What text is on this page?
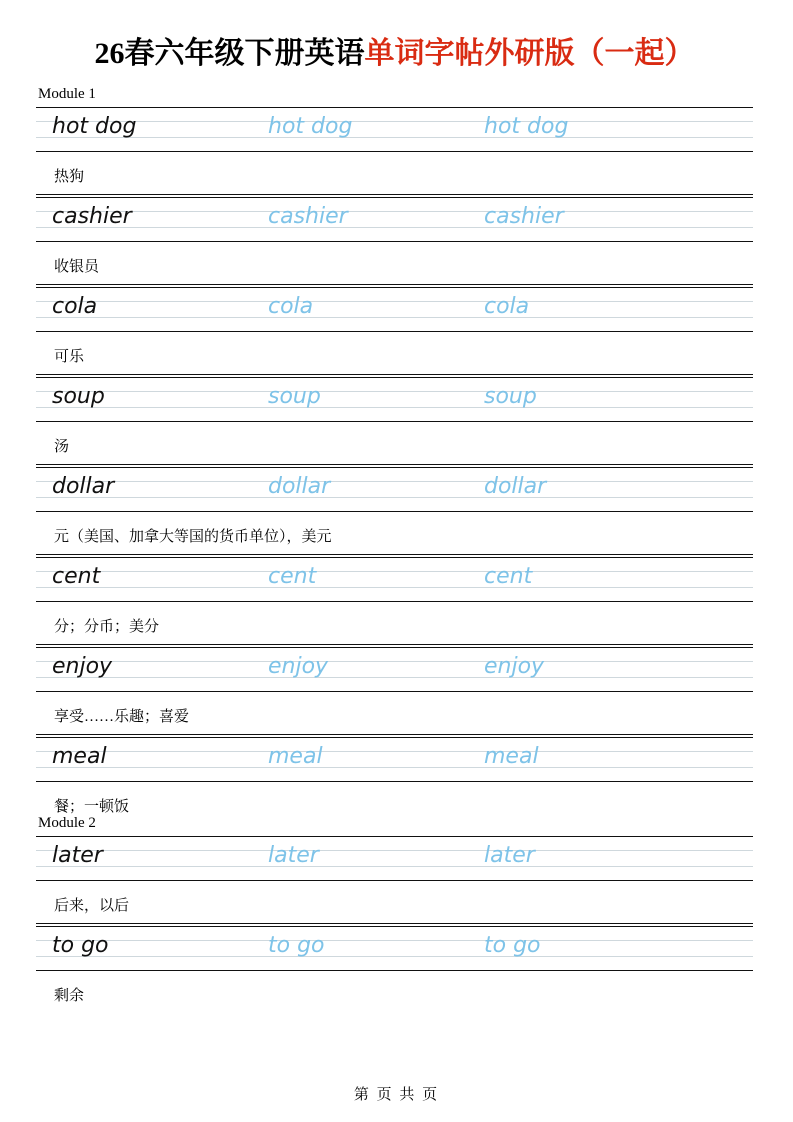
26春六年级下册英语单词字帖外研版（一起）
Module 1
hot dog	hot dog	hot dog
热狗
cashier	cashier	cashier
收银员
cola	cola	cola
可乐
soup	soup	soup
汤
dollar	dollar	dollar
元（美国、加拿大等国的货币单位），美元
cent	cent	cent
分；分币；美分
enjoy	enjoy	enjoy
享受……乐趣；喜爱
meal	meal	meal
餐；一顿饭
Module 2
later	later	later
后来，以后
to go	to go	to go
剩余
第 页 共 页
